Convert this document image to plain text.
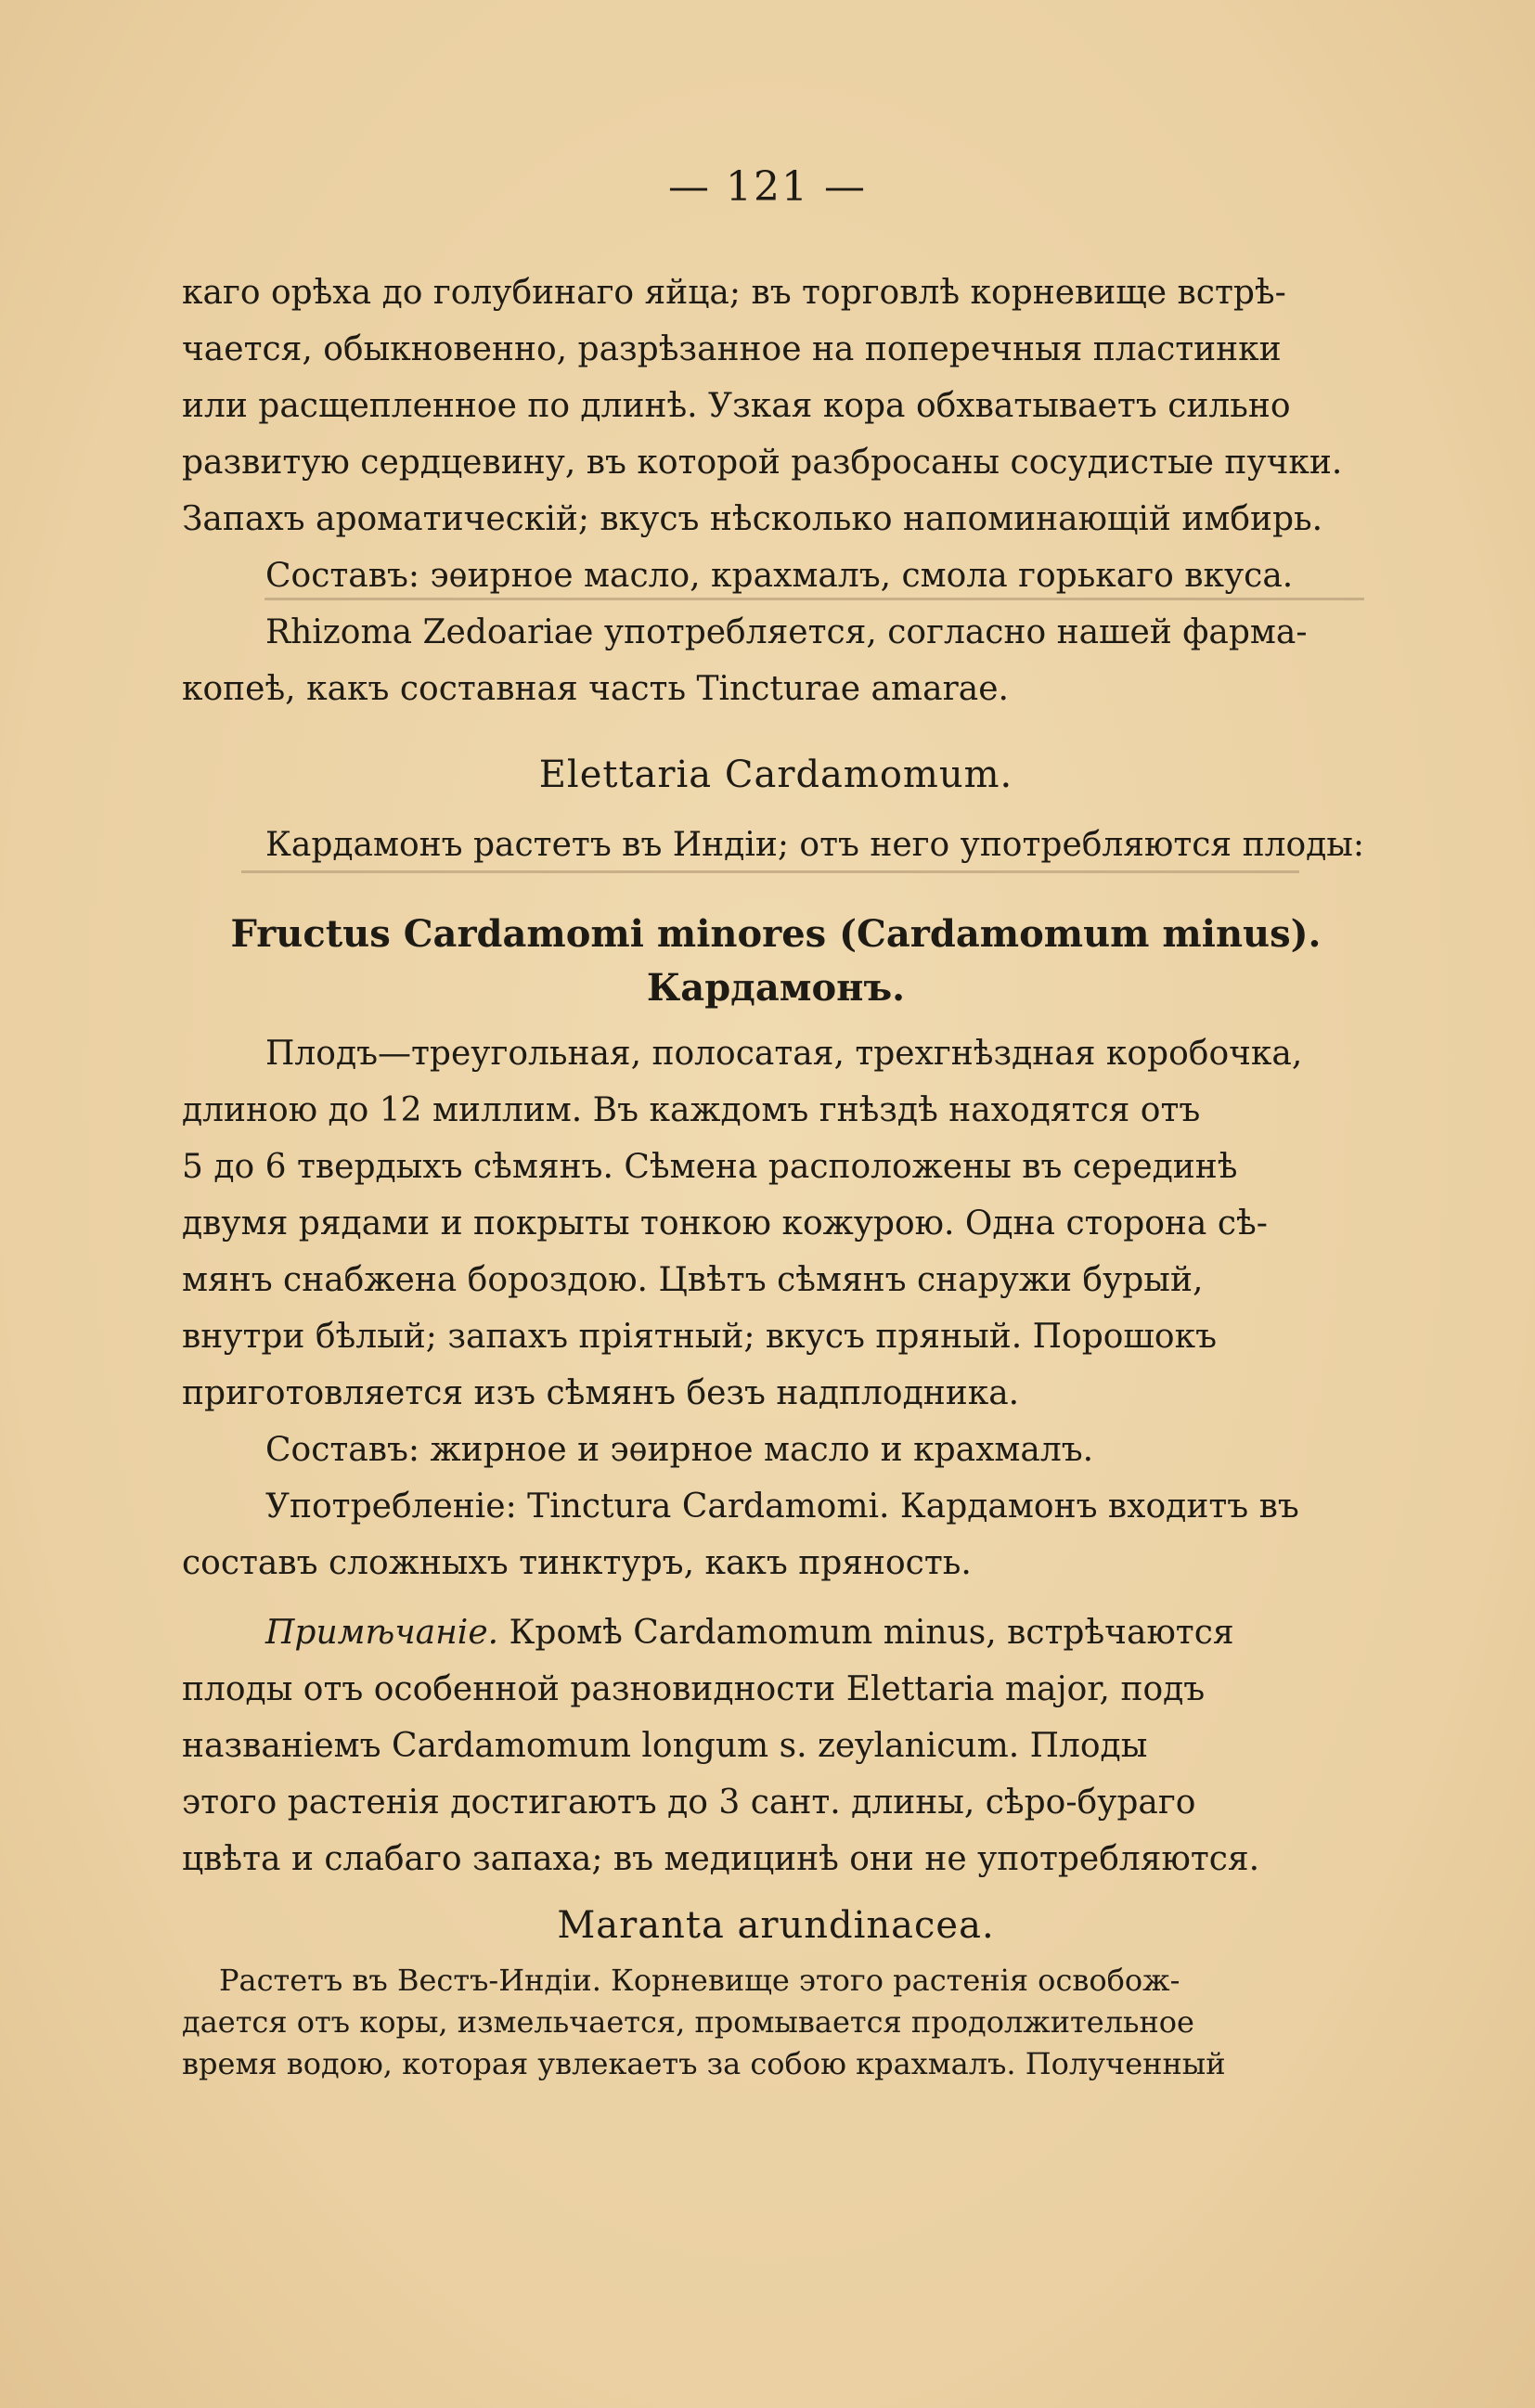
— 121 —

каго орѣха до голубинаго яйца; въ торговлѣ корневище встрѣ-

чается, обыкновенно, разрѣзанное на поперечныя пластинки

или расщепленное по длинѣ. Узкая кора обхватываетъ сильно

развитую сердцевину, въ которой разбросаны сосудистые пучки.

Запахъ ароматическій; вкусъ нѣсколько напоминающій имбирь.

Составъ: эѳирное масло, крахмалъ, смола горькаго вкуса.

Rhizoma Zedoariae употребляется, согласно нашей фарма-

копеѣ, какъ составная часть Tinсturae amarae.

Elettaria Cardamomum.

Кардамонъ растетъ въ Индіи; отъ него употребляются плоды:

Fructus Cardamomi minores (Cardamomum minus).

Кардамонъ.

Плодъ—треугольная, полосатая, трехгнѣздная коробочка,

длиною до 12 миллим. Въ каждомъ гнѣздѣ находятся отъ

5 до 6 твердыхъ сѣмянъ. Сѣмена расположены въ серединѣ

двумя рядами и покрыты тонкою кожурою. Одна сторона сѣ-

мянъ снабжена бороздою. Цвѣтъ сѣмянъ снаружи бурый,

внутри бѣлый; запахъ пріятный; вкусъ пряный. Порошокъ

приготовляется изъ сѣмянъ безъ надплодника.

Составъ: жирное и эѳирное масло и крахмалъ.

Употребленіе: Tinctura Cardamomi. Кардамонъ входитъ въ

составъ сложныхъ тинктуръ, какъ пряность.

Примѣчаніе. Кромѣ Cardamomum minus, встрѣчаются

плоды отъ особенной разновидности Elettaria major, подъ

названіемъ Cardamomum longum s. zeylanicum. Плоды

этого растенія достигаютъ до 3 сант. длины, сѣро-бураго

цвѣта и слабаго запаха; въ медицинѣ они не употребляются.

Maranta arundinacea.

Растетъ въ Вестъ-Индіи. Корневище этого растенія освобож-

дается отъ коры, измельчается, промывается продолжительное

время водою, которая увлекаетъ за собою крахмалъ. Полученный
